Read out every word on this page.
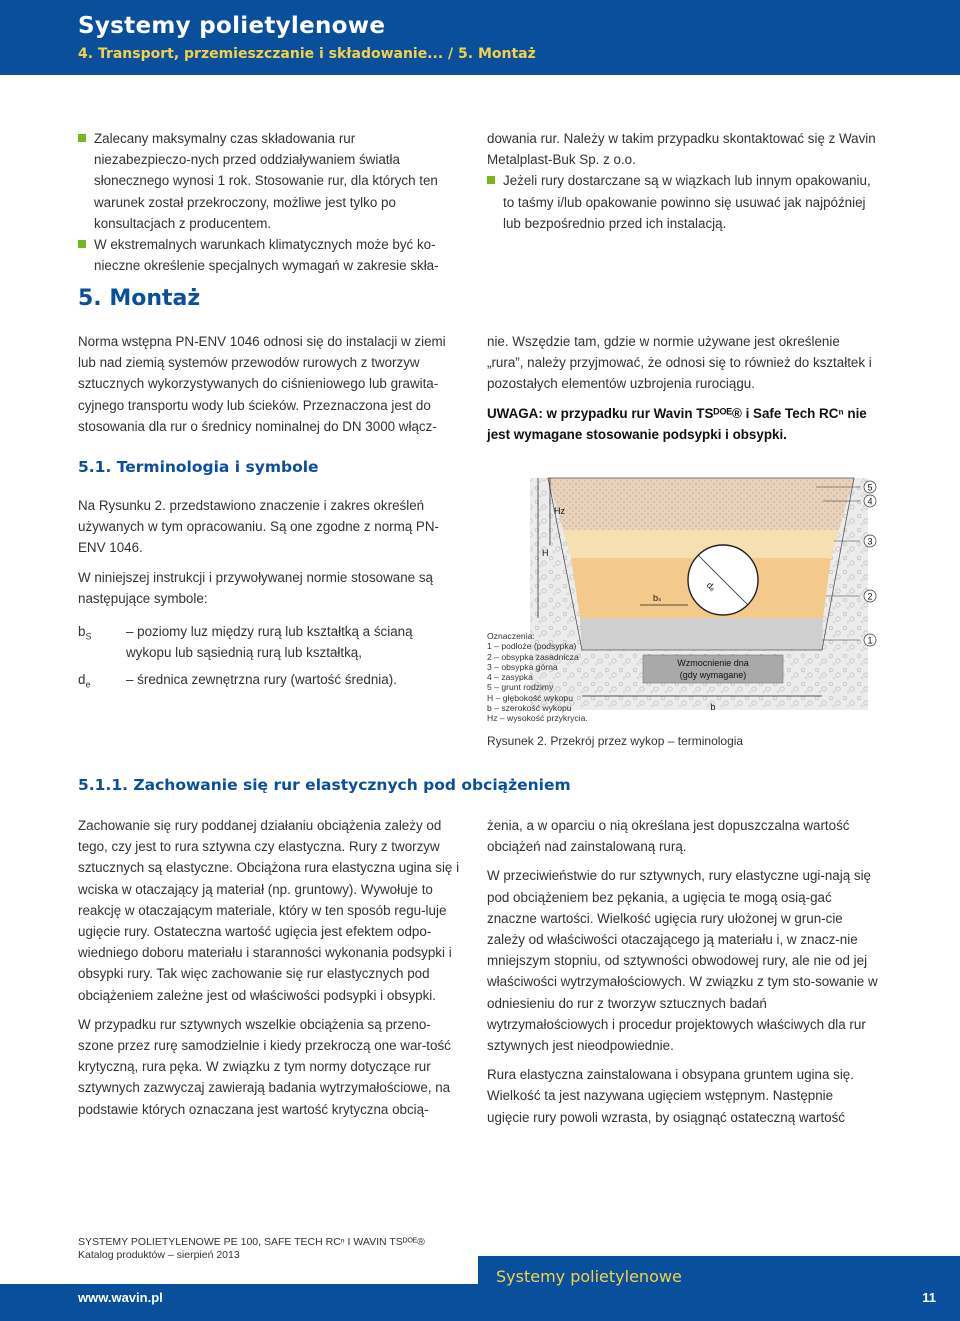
Systemy polietylenowe
4. Transport, przemieszczanie i składowanie... / 5. Montaż

Zalecany maksymalny czas składowania rur niezabezpieczo-nych przed oddziaływaniem światła słonecznego wynosi 1 rok. Stosowanie rur, dla których ten warunek został przekroczony, możliwe jest tylko po konsultacjach z producentem.

W ekstremalnych warunkach klimatycznych może być ko-nieczne określenie specjalnych wymagań w zakresie skła-

dowania rur. Należy w takim przypadku skontaktować się z Wavin Metalplast-Buk Sp. z o.o.

Jeżeli rury dostarczane są w wiązkach lub innym opakowaniu, to taśmy i/lub opakowanie powinno się usuwać jak najpóźniej lub bezpośrednio przed ich instalacją.

5. Montaż

Norma wstępna PN-ENV 1046 odnosi się do instalacji w ziemi lub nad ziemią systemów przewodów rurowych z tworzyw sztucznych wykorzystywanych do ciśnieniowego lub grawita-cyjnego transportu wody lub ścieków. Przeznaczona jest do stosowania dla rur o średnicy nominalnej do DN 3000 włącz-

nie. Wszędzie tam, gdzie w normie używane jest określenie „rura”, należy przyjmować, że odnosi się to również do kształtek i pozostałych elementów uzbrojenia rurociągu.

UWAGA: w przypadku rur Wavin TSᴰᴼᴱ® i Safe Tech RCⁿ nie jest wymagane stosowanie podsypki i obsypki.

5.1. Terminologia i symbole

Na Rysunku 2. przedstawiono znaczenie i zakres określeń używanych w tym opracowaniu. Są one zgodne z normą PN-ENV 1046.

W niniejszej instrukcji i przywoływanej normie stosowane są następujące symbole:

$b_S$	– poziomy luz między rurą lub kształtką a ścianą wykopu lub sąsiednią rurą lub kształtką,

$d_e$	– średnica zewnętrzna rury (wartość średnia).

Wzmocnienie dna
(gdy wymagane)
dₑ
bₛ
H
Hz
b
5
4
3
2
1
Oznaczenia:
1 – podłoże (podsypka)
2 – obsypka zasadnicza
3 – obsypka górna
4 – zasypka
5 – grunt rodzimy
H – głębokość wykopu
b – szerokość wykopu
Hz – wysokość przykrycia.
Rysunek 2. Przekrój przez wykop – terminologia
5.1.1. Zachowanie się rur elastycznych pod obciążeniem

Zachowanie się rury poddanej działaniu obciążenia zależy od tego, czy jest to rura sztywna czy elastyczna. Rury z tworzyw sztucznych są elastyczne. Obciążona rura elastyczna ugina się i wciska w otaczający ją materiał (np. gruntowy). Wywołuje to reakcję w otaczającym materiale, który w ten sposób regu-luje ugięcie rury. Ostateczna wartość ugięcia jest efektem odpo-wiedniego doboru materiału i staranności wykonania podsypki i obsypki rury. Tak więc zachowanie się rur elastycznych pod obciążeniem zależne jest od właściwości podsypki i obsypki.

W przypadku rur sztywnych wszelkie obciążenia są przeno-szone przez rurę samodzielnie i kiedy przekroczą one war-tość krytyczną, rura pęka. W związku z tym normy dotyczące rur sztywnych zazwyczaj zawierają badania wytrzymałościowe, na podstawie których oznaczana jest wartość krytyczna obcią-

żenia, a w oparciu o nią określana jest dopuszczalna wartość obciążeń nad zainstalowaną rurą.

W przeciwieństwie do rur sztywnych, rury elastyczne ugi-nają się pod obciążeniem bez pękania, a ugięcia te mogą osią-gać znaczne wartości. Wielkość ugięcia rury ułożonej w grun-cie zależy od właściwości otaczającego ją materiału i, w znacz-nie mniejszym stopniu, od sztywności obwodowej rury, ale nie od jej właściwości wytrzymałościowych. W związku z tym sto-sowanie w odniesieniu do rur z tworzyw sztucznych badań wytrzymałościowych i procedur projektowych właściwych dla rur sztywnych jest nieodpowiednie.

Rura elastyczna zainstalowana i obsypana gruntem ugina się. Wielkość ta jest nazywana ugięciem wstępnym. Następnie ugięcie rury powoli wzrasta, by osiągnąć ostateczną wartość

SYSTEMY POLIETYLENOWE PE 100, SAFE TECH RCⁿ I WAVIN TSᴰᴼᴱ®
Katalog produktów – sierpień 2013
www.wavin.pl
Systemy polietylenowe
11
